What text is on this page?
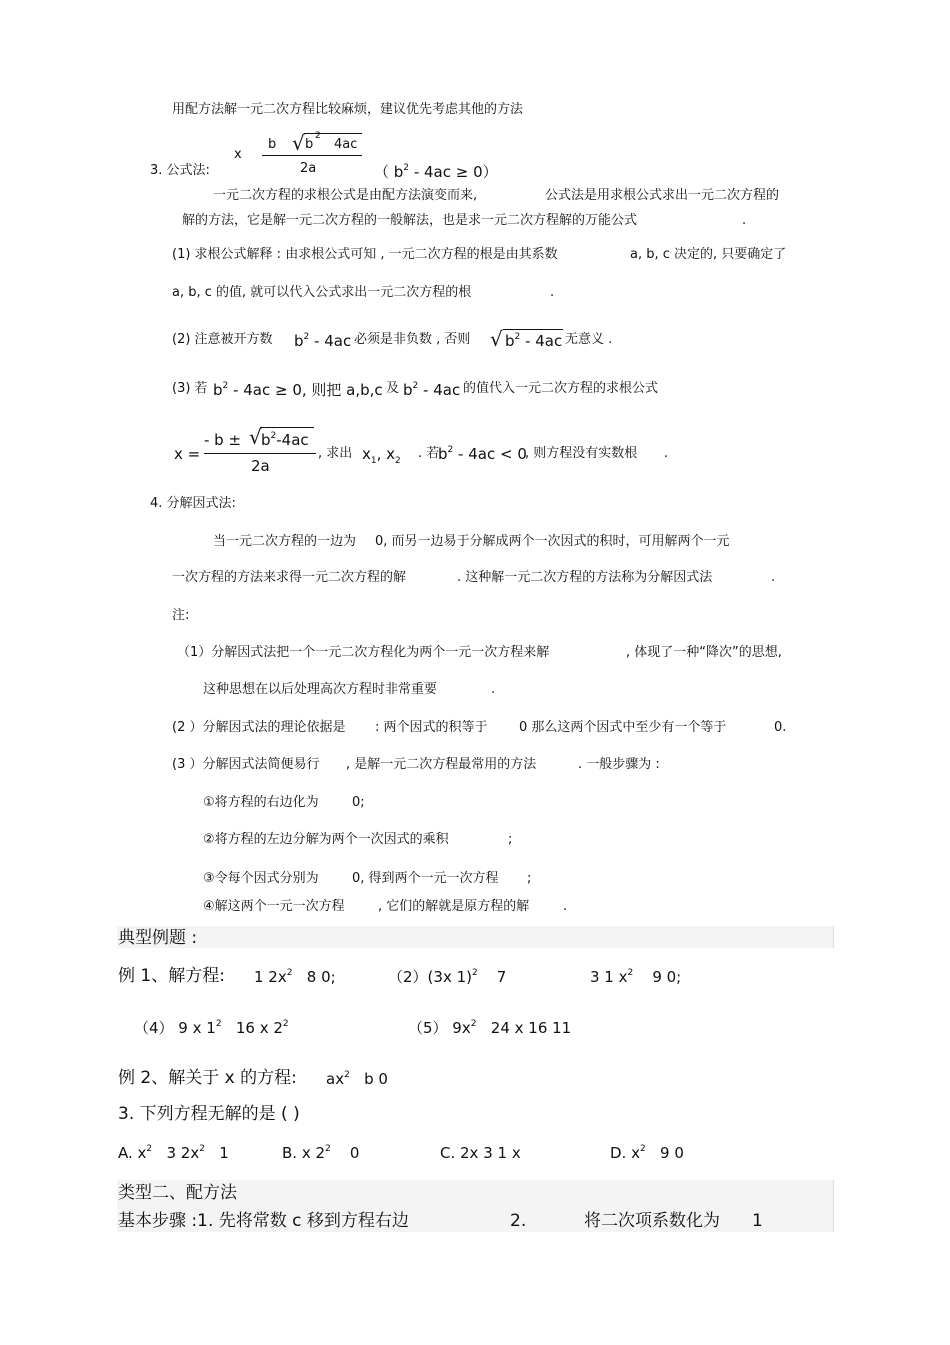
用配方法解一元二次方程比较麻烦，建议优先考虑其他的方法
3. 公式法:
x
b √ b
2
4ac
2a	（ $b^2 - 4ac \ge 0$）
一元二次方程的求根公式是由配方法演变而来,	公式法是用求根公式求出一元二次方程的
解的方法，它是解一元二次方程的一般解法，也是求一元二次方程解的万能公式	.
(1) 求根公式解释 : 由求根公式可知 , 一元二次方程的根是由其系数	a, b, c 决定的, 只要确定了
a, b, c 的值, 就可以代入公式求出一元二次方程的根	.
(2) 注意被开方数 $b^2 - 4ac$ 必须是非负数 , 否则 √ $b^2 - 4ac$ 无意义 .
(3) 若 $b^2 - 4ac \ge 0$, 则把 a,b,c 及 $b^2 - 4ac$ 的值代入一元二次方程的求根公式
x =
- b ± √ $b^2-4ac$
2a
, 求出 $x_1$, $x_2$ . 若
$b^2 - 4ac < 0$
, 则方程没有实数根 .
4. 分解因式法:
当一元二次方程的一边为 0, 而另一边易于分解成两个一次因式的积时，可用解两个一元
一次方程的方法来求得一元二次方程的解	. 这种解一元二次方程的方法称为分解因式法	.
注:
（1）分解因式法把一个一元二次方程化为两个一元一次方程来解	, 体现了一种“降次”的思想,
这种思想在以后处理高次方程时非常重要	.
(2 ）分解因式法的理论依据是 : 两个因式的积等于 0 那么这两个因式中至少有一个等于	0.
(3 ）分解因式法简便易行 , 是解一元二次方程最常用的方法	. 一般步骤为 :
①将方程的右边化为	0;
②将方程的左边分解为两个一次因式的乘积	;
③令每个因式分别为	0, 得到两个一元一次方程 ;
④解这两个一元一次方程	, 它们的解就是原方程的解	.
典型例题 :
例 1、解方程: 1 $2x^2$ 8 0;	（2）(3x 1)$^2$ 7	3 1 $x^2$ 9 0;
（4） 9 x $1^2$ 16 x $2^2$	（5） $9x^2$ 24 x 16 11
例 2、解关于 x 的方程: $ax^2$ b 0
3. 下列方程无解的是 ( )
A. $x^2$ 3 $2x^2$ 1	B. x $2^2$ 0	C. 2x 3 1 x	D. $x^2$ 9 0
类型二、配方法
基本步骤 :1. 先将常数 c 移到方程右边	2.	将二次项系数化为 1
